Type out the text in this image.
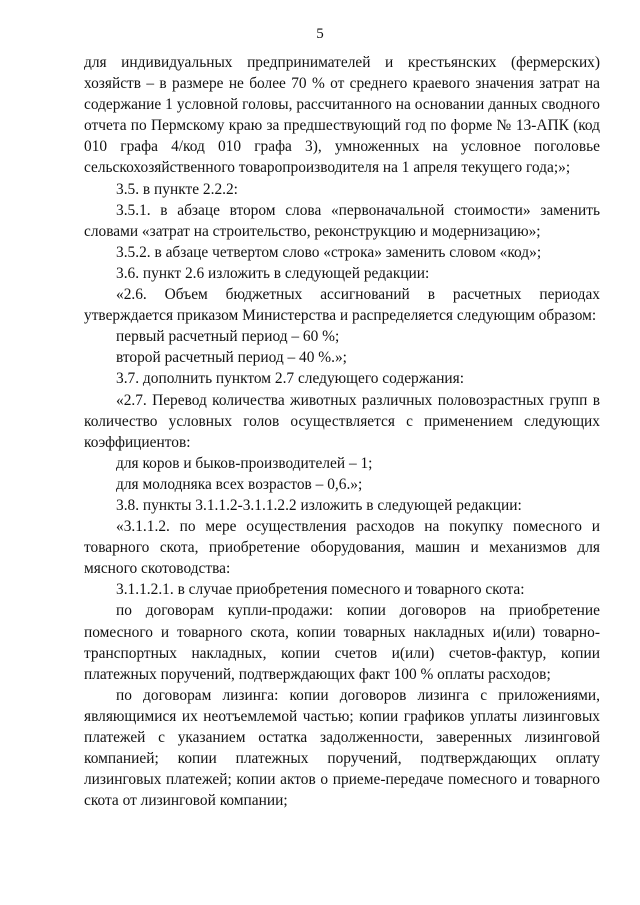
5

для индивидуальных предпринимателей и крестьянских (фермерских) хозяйств – в размере не более 70 % от среднего краевого значения затрат на содержание 1 условной головы, рассчитанного на основании данных сводного отчета по Пермскому краю за предшествующий год по форме № 13-АПК (код 010 графа 4/код 010 графа 3), умноженных на условное поголовье сельскохозяйственного товаропроизводителя на 1 апреля текущего года;»;

3.5. в пункте 2.2.2:

3.5.1. в абзаце втором слова «первоначальной стоимости» заменить словами «затрат на строительство, реконструкцию и модернизацию»;

3.5.2. в абзаце четвертом слово «строка» заменить словом «код»;

3.6. пункт 2.6 изложить в следующей редакции:

«2.6. Объем бюджетных ассигнований в расчетных периодах утверждается приказом Министерства и распределяется следующим образом:

первый расчетный период – 60 %;

второй расчетный период – 40 %.»;

3.7. дополнить пунктом 2.7 следующего содержания:

«2.7. Перевод количества животных различных половозрастных групп в количество условных голов осуществляется с применением следующих коэффициентов:

для коров и быков-производителей – 1;

для молодняка всех возрастов – 0,6.»;

3.8. пункты 3.1.1.2-3.1.1.2.2 изложить в следующей редакции:

«3.1.1.2. по мере осуществления расходов на покупку помесного и товарного скота, приобретение оборудования, машин и механизмов для мясного скотоводства:

3.1.1.2.1. в случае приобретения помесного и товарного скота:

по договорам купли-продажи: копии договоров на приобретение помесного и товарного скота, копии товарных накладных и(или) товарно-транспортных накладных, копии счетов и(или) счетов-фактур, копии платежных поручений, подтверждающих факт 100 % оплаты расходов;

по договорам лизинга: копии договоров лизинга с приложениями, являющимися их неотъемлемой частью; копии графиков уплаты лизинговых платежей с указанием остатка задолженности, заверенных лизинговой компанией; копии платежных поручений, подтверждающих оплату лизинговых платежей; копии актов о приеме-передаче помесного и товарного скота от лизинговой компании;
